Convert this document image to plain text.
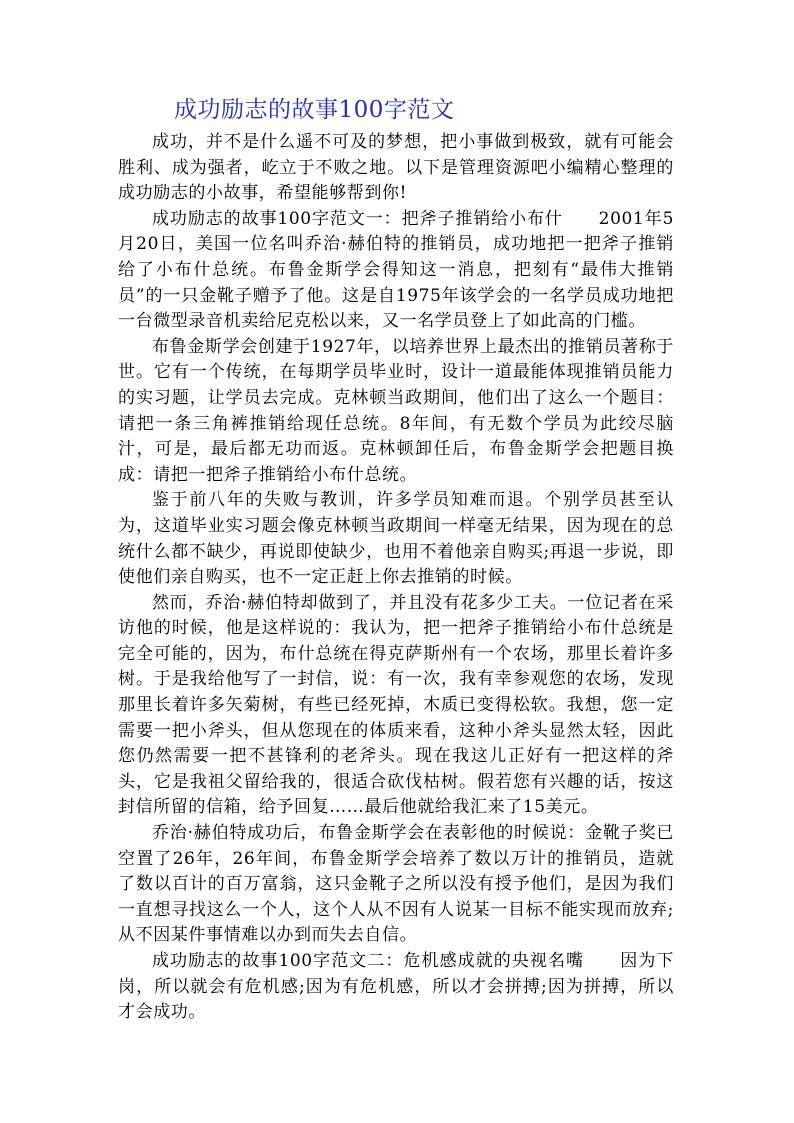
成功励志的故事100字范文

成功，并不是什么遥不可及的梦想，把小事做到极致，就有可能会胜利、成为强者，屹立于不败之地。以下是管理资源吧小编精心整理的成功励志的小故事，希望能够帮到你!

成功励志的故事100字范文一：把斧子推销给小布什　　2001年5月20日，美国一位名叫乔治·赫伯特的推销员，成功地把一把斧子推销给了小布什总统。布鲁金斯学会得知这一消息，把刻有“最伟大推销员”的一只金靴子赠予了他。这是自1975年该学会的一名学员成功地把一台微型录音机卖给尼克松以来，又一名学员登上了如此高的门槛。

布鲁金斯学会创建于1927年，以培养世界上最杰出的推销员著称于世。它有一个传统，在每期学员毕业时，设计一道最能体现推销员能力的实习题，让学员去完成。克林顿当政期间，他们出了这么一个题目：请把一条三角裤推销给现任总统。8年间，有无数个学员为此绞尽脑汁，可是，最后都无功而返。克林顿卸任后，布鲁金斯学会把题目换成：请把一把斧子推销给小布什总统。

鉴于前八年的失败与教训，许多学员知难而退。个别学员甚至认为，这道毕业实习题会像克林顿当政期间一样毫无结果，因为现在的总统什么都不缺少，再说即使缺少，也用不着他亲自购买;再退一步说，即使他们亲自购买，也不一定正赶上你去推销的时候。

然而，乔治·赫伯特却做到了，并且没有花多少工夫。一位记者在采访他的时候，他是这样说的：我认为，把一把斧子推销给小布什总统是完全可能的，因为，布什总统在得克萨斯州有一个农场，那里长着许多树。于是我给他写了一封信，说：有一次，我有幸参观您的农场，发现那里长着许多矢菊树，有些已经死掉，木质已变得松软。我想，您一定需要一把小斧头，但从您现在的体质来看，这种小斧头显然太轻，因此您仍然需要一把不甚锋利的老斧头。现在我这儿正好有一把这样的斧头，它是我祖父留给我的，很适合砍伐枯树。假若您有兴趣的话，按这封信所留的信箱，给予回复……最后他就给我汇来了15美元。

乔治·赫伯特成功后，布鲁金斯学会在表彰他的时候说：金靴子奖已空置了26年，26年间，布鲁金斯学会培养了数以万计的推销员，造就了数以百计的百万富翁，这只金靴子之所以没有授予他们，是因为我们一直想寻找这么一个人，这个人从不因有人说某一目标不能实现而放弃;从不因某件事情难以办到而失去自信。

成功励志的故事100字范文二：危机感成就的央视名嘴　　因为下岗，所以就会有危机感;因为有危机感，所以才会拼搏;因为拼搏，所以才会成功。
